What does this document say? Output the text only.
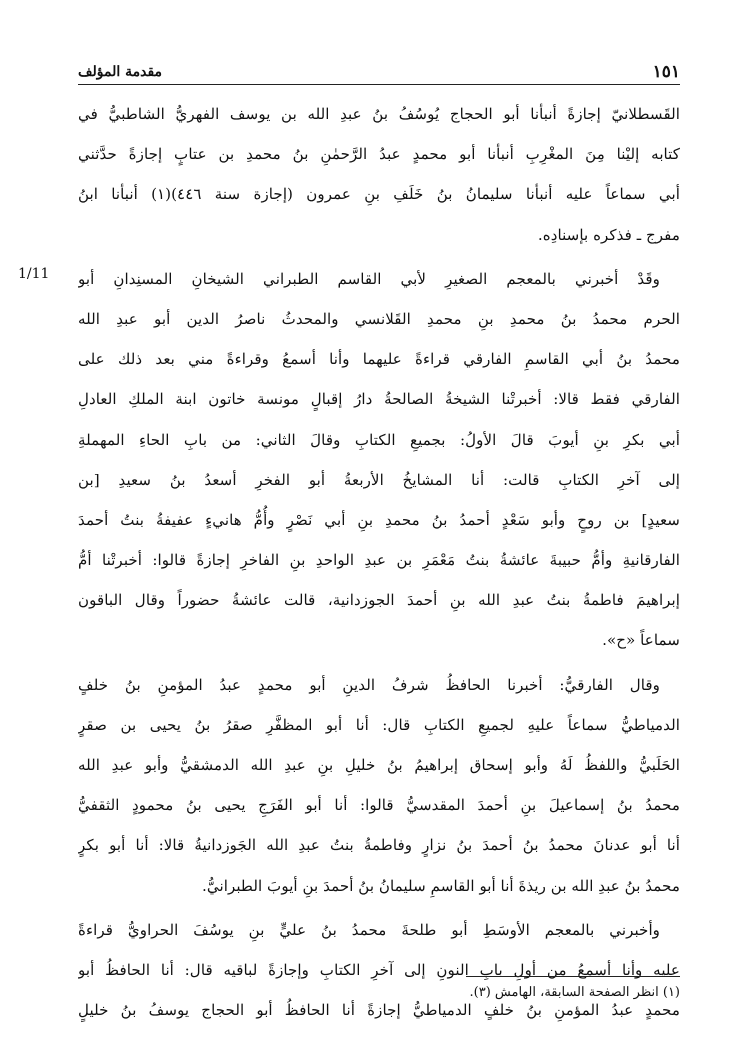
١٥١
مقدمة المؤلف
1/11
القَسطلانيّ إجازةً أنبأنا أبو الحجاج يُوسُفُ بنُ عبدِ الله بن يوسف الفهريُّ الشاطبيُّ في
كتابه إليْنا مِنَ المغْرِبِ أنبأنا أبو محمدٍ عبدُ الرَّحمٰنِ بنُ محمدِ بن عتابٍ إجازةً حدَّثني
أبي سماعاً عليه أنبأنا سليمانُ بنُ خَلَفِ بنِ عمرون (إجازة سنة ٤٤٦)(١) أنبأنا ابنُ
مفرج ـ فذكره بإسنادِه.
وقَدْ أخبرني بالمعجم الصغيرِ لأبي القاسم الطبراني الشيخانِ المسنِدانِ أبو
الحرم محمدُ بنُ محمدِ بنِ محمدِ القَلانسي والمحدثُ ناصرُ الدين أبو عبدِ الله
محمدُ بنُ أبي القاسمِ الفارقي قراءةً عليهما وأنا أسمعُ وقراءةً مني بعد ذلك على
الفارقي فقط قالا: أخبرتْنا الشيخةُ الصالحةُ دارُ إقبالٍ مونسة خاتون ابنة الملكِ العادلِ
أبي بكرِ بنِ أيوبَ قالَ الأولُ: بجميعِ الكتابِ وقالَ الثاني: من بابِ الحاءِ المهملةِ
إلى آخرِ الكتابِ قالت: أنا المشايخُ الأربعةُ أبو الفخرِ أسعدُ بنُ سعيدِ [بن
سعيدٍ] بن روحٍ وأبو سَعْدٍ أحمدُ بنُ محمدِ بنِ أبي نَصْرٍ وأُمُّ هانيءٍ عفيفةُ بنتُ أحمدَ
الفارقانيةِ وأمُّ حبيبةَ عائشةُ بنتُ مَعْمَرِ بن عبدِ الواحدِ بنِ الفاخرِ إجازةً قالوا: أخبرتْنا أمُّ
إبراهيمَ فاطمةُ بنتُ عبدِ الله بنِ أحمدَ الجوزدانية، قالت عائشةُ حضوراً وقال الباقون
سماعاً «ح».
وقال الفارقيُّ: أخبرنا الحافظُ شرفُ الدينِ أبو محمدٍ عبدُ المؤمنِ بنُ خلفٍ
الدمياطيُّ سماعاً عليهِ لجميعِ الكتابِ قال: أنا أبو المظفَّرِ صقرُ بنُ يحيى بن صقرٍ
الحَلَبيُّ واللفظُ لَهُ وأبو إسحاق إبراهيمُ بنُ خليلِ بنِ عبدِ الله الدمشقيُّ وأبو عبدِ الله
محمدُ بنُ إسماعيلَ بنِ أحمدَ المقدسيُّ قالوا: أنا أبو الفَرَجِ يحيى بنُ محمودٍ الثقفيُّ
أنا أبو عدنانَ محمدُ بنُ أحمدَ بنُ نزارٍ وفاطمةُ بنتُ عبدِ الله الجَوزدانيةُ قالا: أنا أبو بكرٍ
محمدُ بنُ عبدِ الله بن ريذةَ أنا أبو القاسمِ سليمانُ بنُ أحمدَ بنِ أيوبَ الطبرانيُّ.
وأخبرني بالمعجم الأوسَطِ أبو طلحةَ محمدُ بنُ عليٍّ بنِ يوسُفَ الحراويُّ قراءةً
عليه وأنا أسمعُ من أولِ بابِ النونِ إلى آخرِ الكتابِ وإجازةً لباقيه قال: أنا الحافظُ أبو
محمدٍ عبدُ المؤمنِ بنُ خلفٍ الدمياطيُّ إجازةً أنا الحافظُ أبو الحجاج يوسفُ بنُ خليلٍ
(١) انظر الصفحة السابقة، الهامش (٣).
